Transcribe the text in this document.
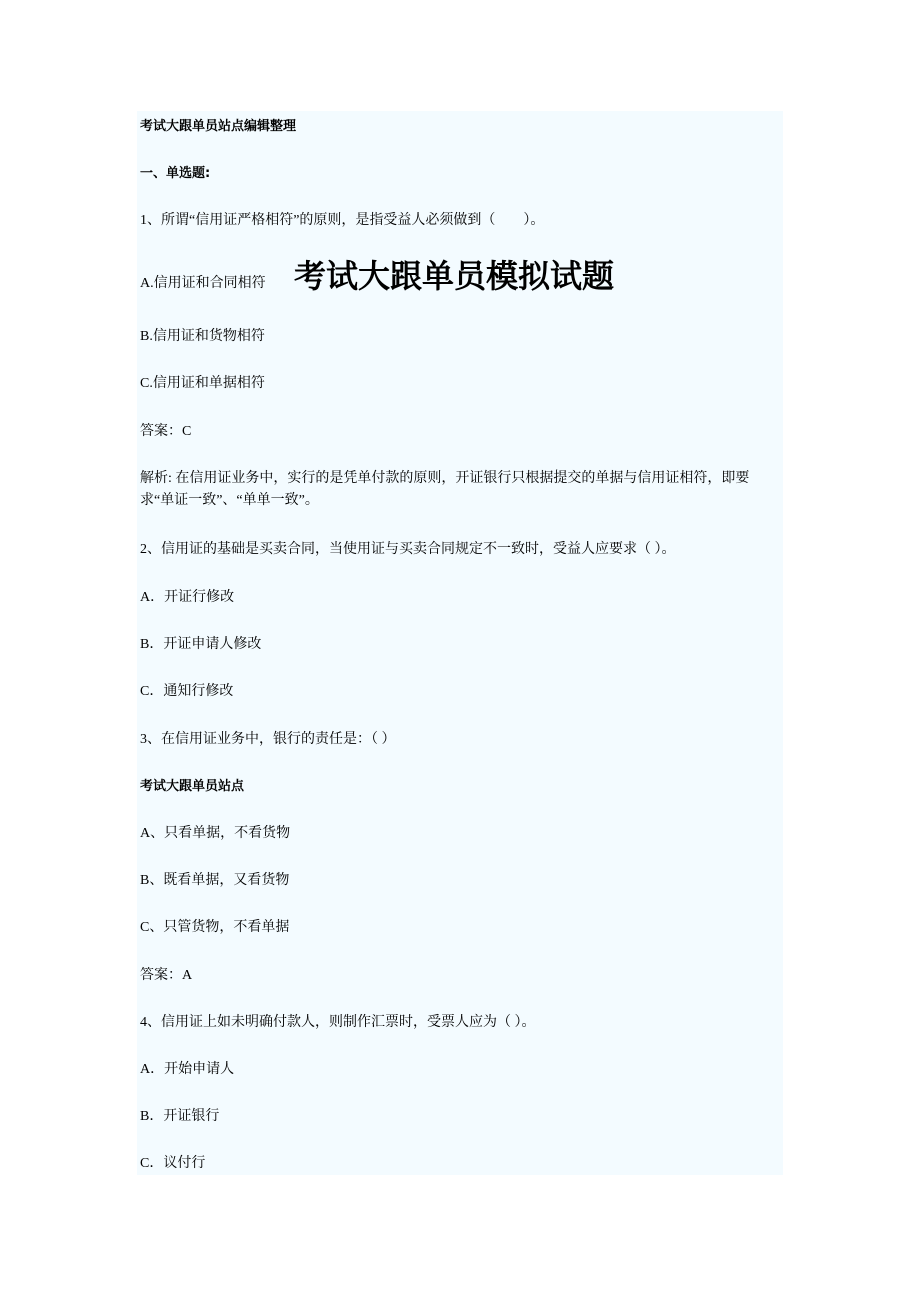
考试大跟单员站点编辑整理
一、单选题:
1、所谓“信用证严格相符”的原则，是指受益人必须做到（　　）。
A.信用证和合同相符 考试大跟单员模拟试题
B.信用证和货物相符
C.信用证和单据相符
答案：C
解析: 在信用证业务中，实行的是凭单付款的原则，开证银行只根据提交的单据与信用证相符，即要求“单证一致”、“单单一致”。
2、信用证的基础是买卖合同，当使用证与买卖合同规定不一致时，受益人应要求（ ）。
A．开证行修改
B．开证申请人修改
C．通知行修改
3、在信用证业务中，银行的责任是：（ ）
考试大跟单员站点
A、只看单据，不看货物
B、既看单据，又看货物
C、只管货物，不看单据
答案：A
4、信用证上如未明确付款人，则制作汇票时，受票人应为（ ）。
A．开始申请人
B．开证银行
C．议付行
